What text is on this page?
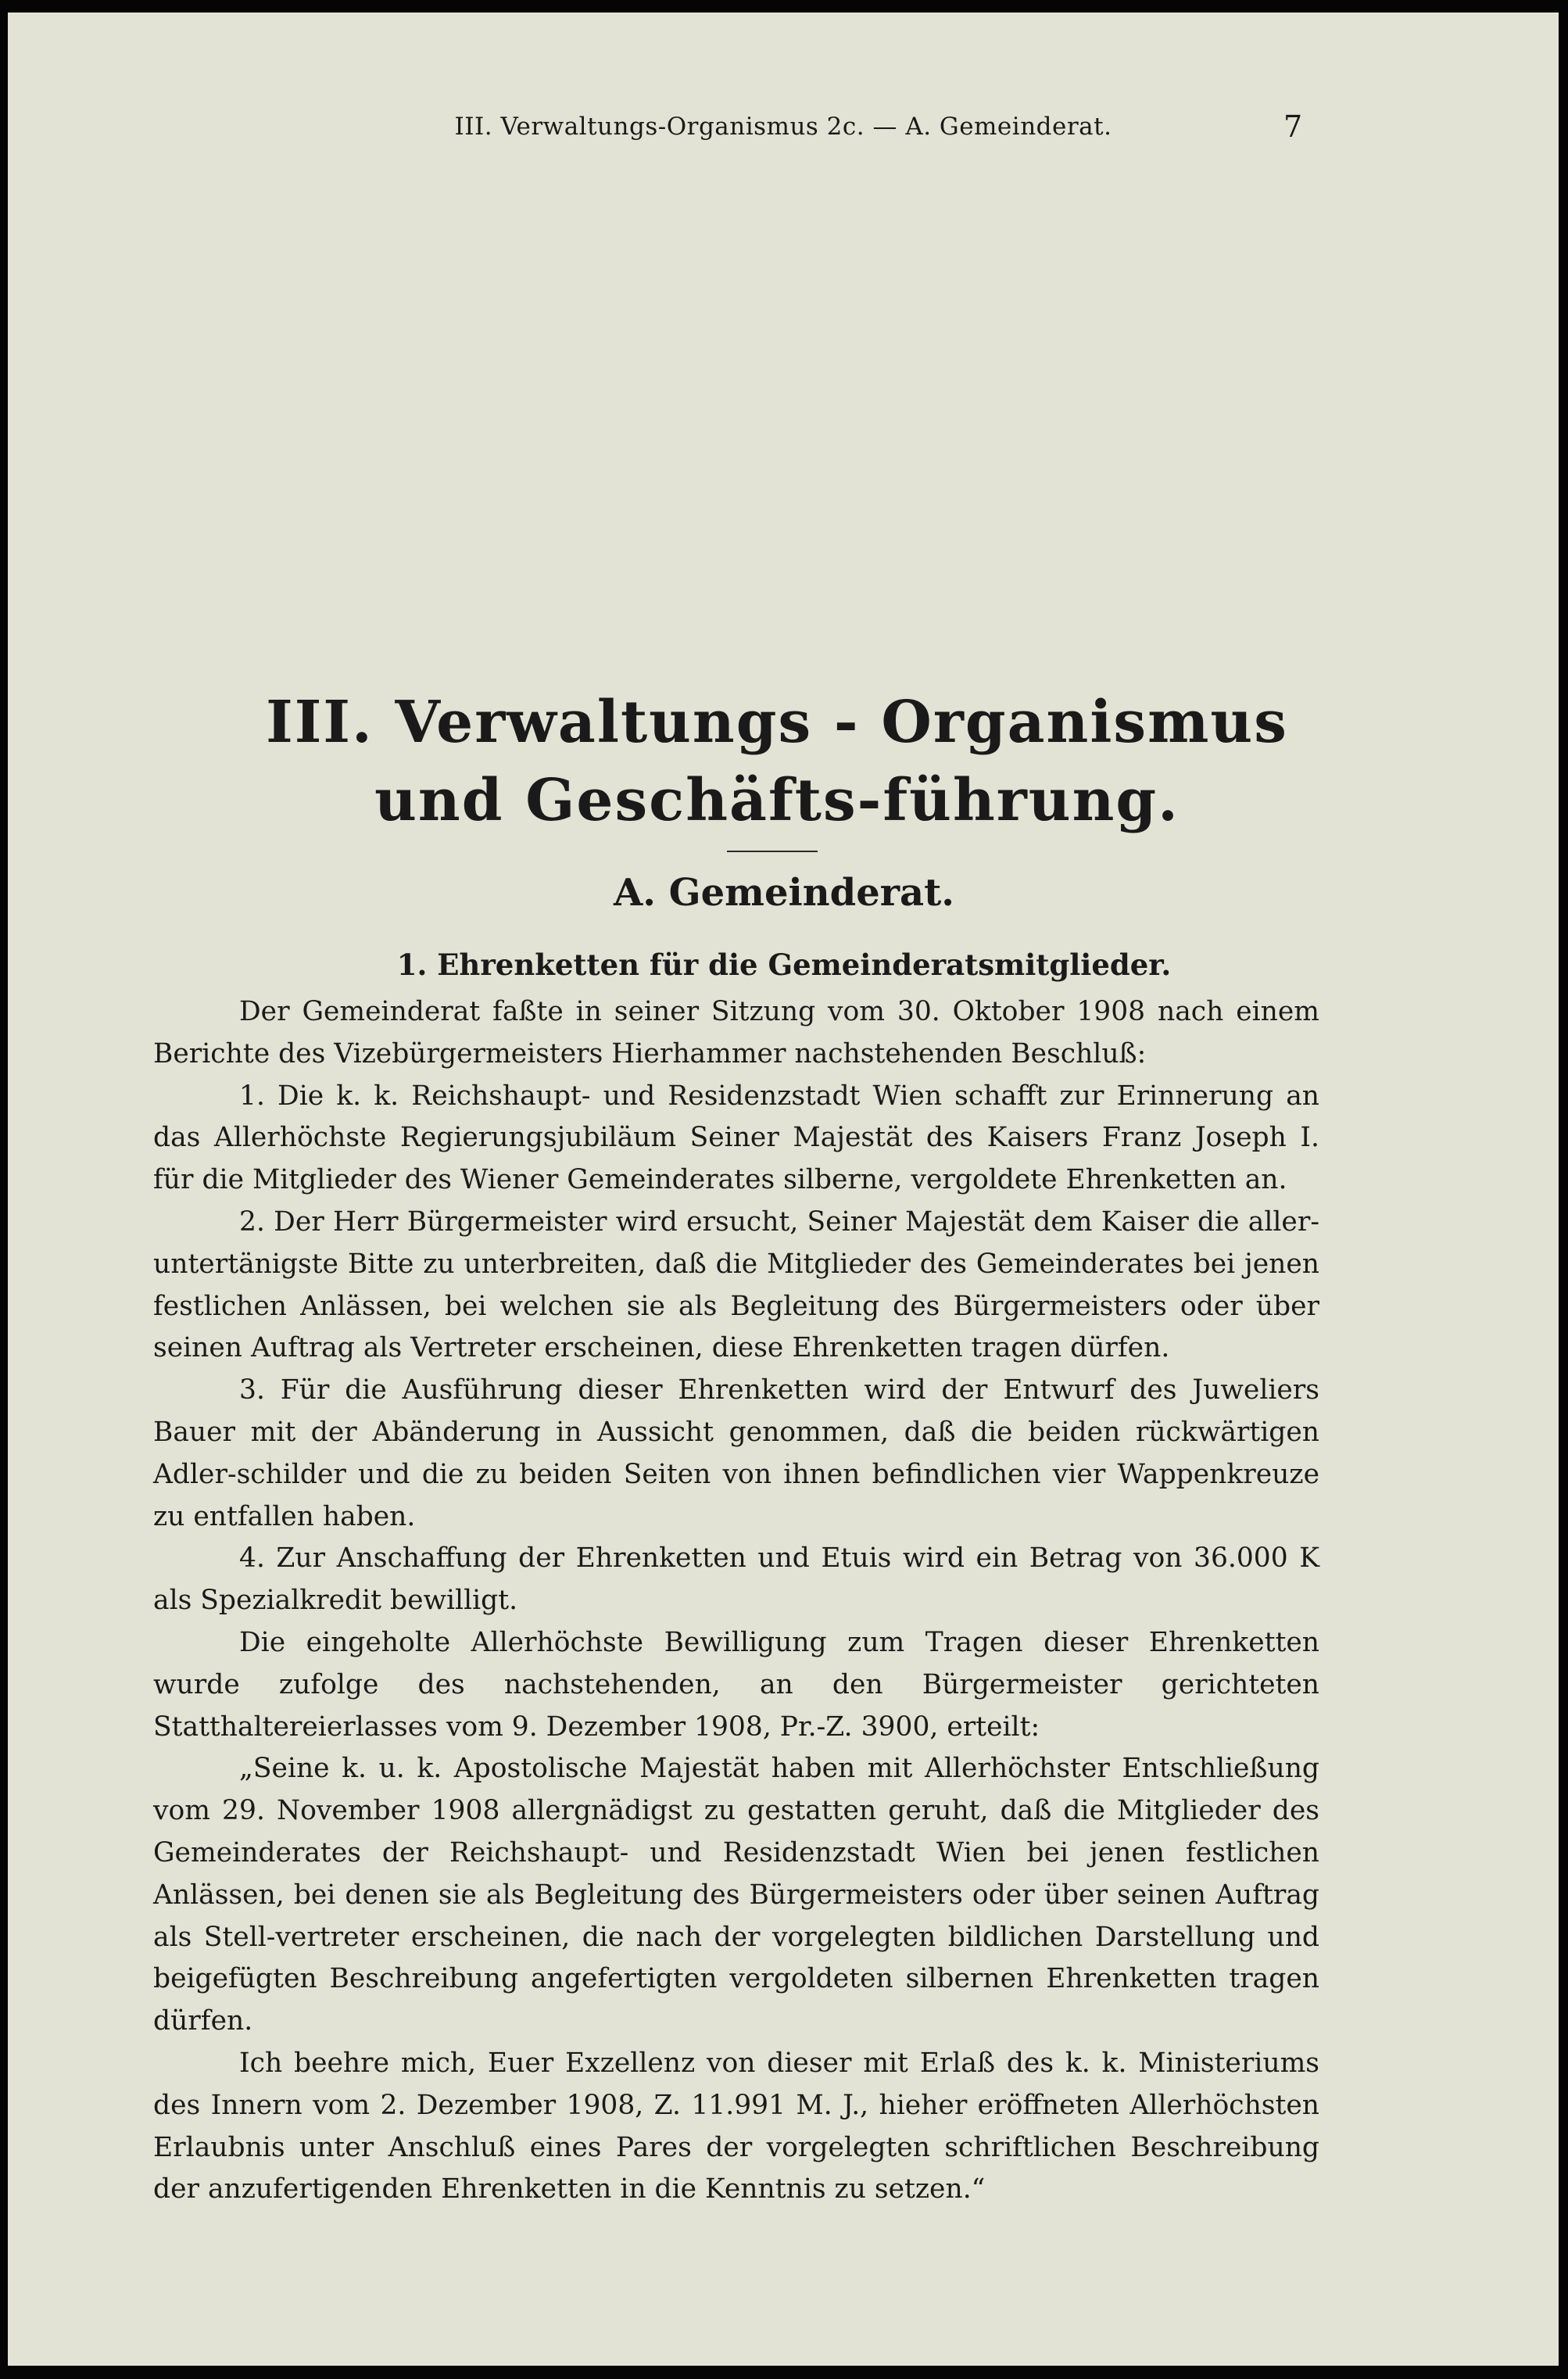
III. Verwaltungs-Organismus 2c. — A. Gemeinderat.	7
III. Verwaltungs - Organismus und Geschäfts-führung.
A. Gemeinderat.
1. Ehrenketten für die Gemeinderatsmitglieder.

Der Gemeinderat faßte in seiner Sitzung vom 30. Oktober 1908 nach einem Berichte des Vizebürgermeisters Hierhammer nachstehenden Beschluß:

1. Die k. k. Reichshaupt- und Residenzstadt Wien schafft zur Erinnerung an das Allerhöchste Regierungsjubiläum Seiner Majestät des Kaisers Franz Joseph I. für die Mitglieder des Wiener Gemeinderates silberne, vergoldete Ehrenketten an.

2. Der Herr Bürgermeister wird ersucht, Seiner Majestät dem Kaiser die aller-untertänigste Bitte zu unterbreiten, daß die Mitglieder des Gemeinderates bei jenen festlichen Anlässen, bei welchen sie als Begleitung des Bürgermeisters oder über seinen Auftrag als Vertreter erscheinen, diese Ehrenketten tragen dürfen.

3. Für die Ausführung dieser Ehrenketten wird der Entwurf des Juweliers Bauer mit der Abänderung in Aussicht genommen, daß die beiden rückwärtigen Adler-schilder und die zu beiden Seiten von ihnen befindlichen vier Wappenkreuze zu entfallen haben.

4. Zur Anschaffung der Ehrenketten und Etuis wird ein Betrag von 36.000 K als Spezialkredit bewilligt.

Die eingeholte Allerhöchste Bewilligung zum Tragen dieser Ehrenketten wurde zufolge des nachstehenden, an den Bürgermeister gerichteten Statthaltereierlasses vom 9. Dezember 1908, Pr.-Z. 3900, erteilt:

„Seine k. u. k. Apostolische Majestät haben mit Allerhöchster Entschließung vom 29. November 1908 allergnädigst zu gestatten geruht, daß die Mitglieder des Gemeinderates der Reichshaupt- und Residenzstadt Wien bei jenen festlichen Anlässen, bei denen sie als Begleitung des Bürgermeisters oder über seinen Auftrag als Stell-vertreter erscheinen, die nach der vorgelegten bildlichen Darstellung und beigefügten Beschreibung angefertigten vergoldeten silbernen Ehrenketten tragen dürfen.

Ich beehre mich, Euer Exzellenz von dieser mit Erlaß des k. k. Ministeriums des Innern vom 2. Dezember 1908, Z. 11.991 M. J., hieher eröffneten Allerhöchsten Erlaubnis unter Anschluß eines Pares der vorgelegten schriftlichen Beschreibung der anzufertigenden Ehrenketten in die Kenntnis zu setzen.“
